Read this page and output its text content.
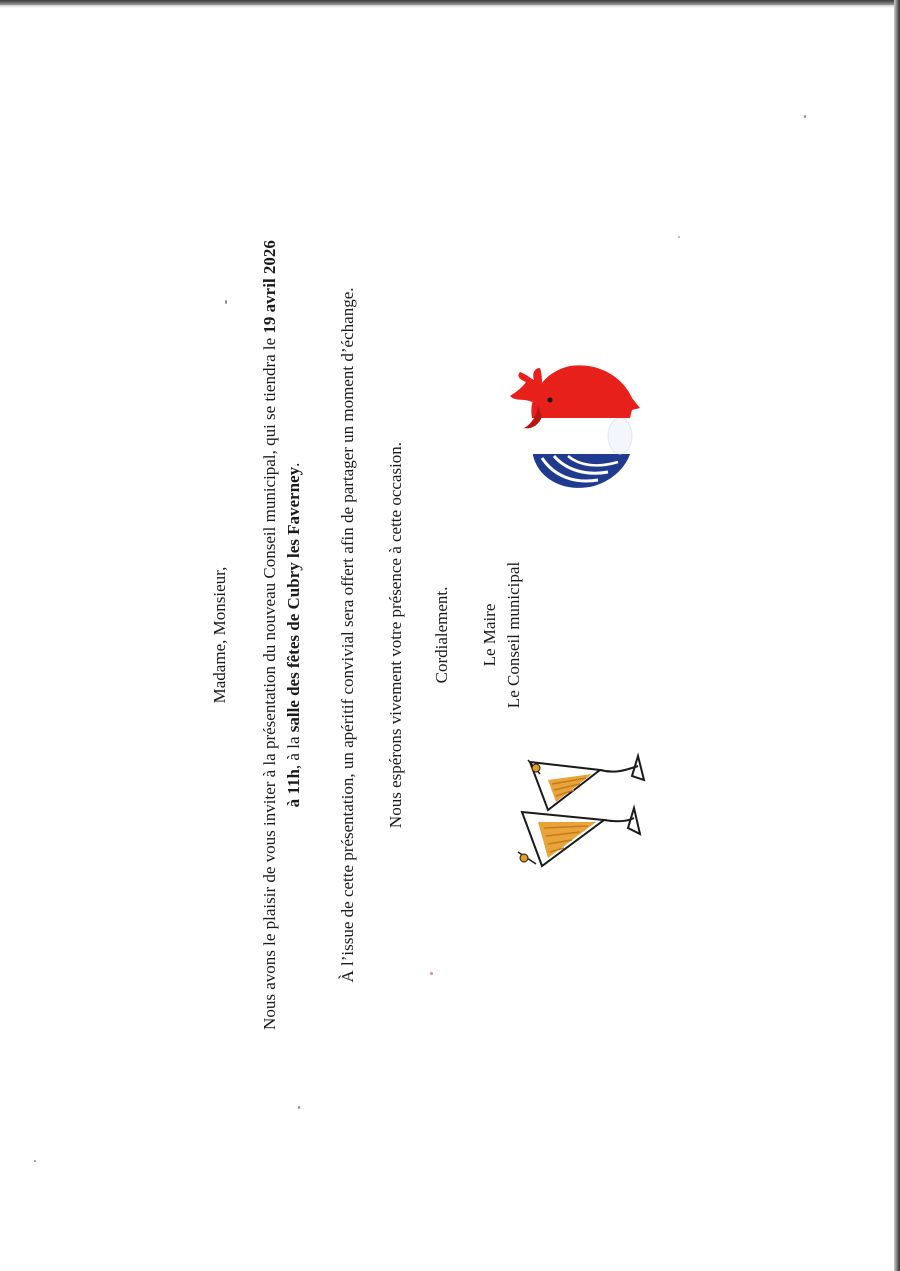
Madame, Monsieur, Nous avons le plaisir de vous inviter à la présentation du nouveau Conseil municipal, qui se tiendra le 19 avril 2026
à 11h, à la salle des fêtes de Cubry les Faverney. À l’issue de cette présentation, un apéritif convivial sera offert afin de partager un moment d’échange. Nous espérons vivement votre présence à cette occasion. Cordialement. Le Maire Le Conseil municipal
